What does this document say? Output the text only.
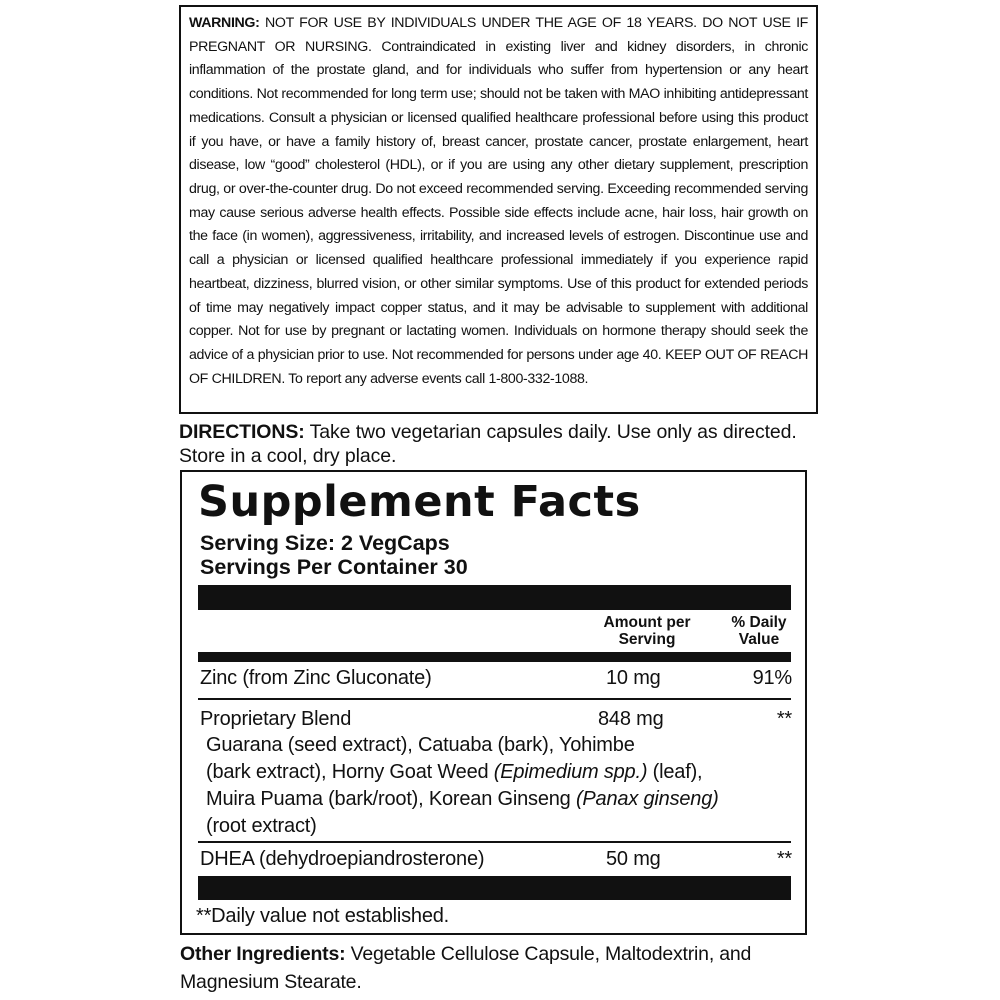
WARNING: NOT FOR USE BY INDIVIDUALS UNDER THE AGE OF 18 YEARS. DO NOT USE IF PREGNANT OR NURSING. Contraindicated in existing liver and kidney disorders, in chronic inflammation of the prostate gland, and for individuals who suffer from hypertension or any heart conditions. Not recommended for long term use; should not be taken with MAO inhibiting antidepressant medications. Consult a physician or licensed qualified healthcare professional before using this product if you have, or have a family history of, breast cancer, prostate cancer, prostate enlargement, heart disease, low “good” cholesterol (HDL), or if you are using any other dietary supplement, prescription drug, or over-the-counter drug. Do not exceed recommended serving. Exceeding recommended serving may cause serious adverse health effects. Possible side effects include acne, hair loss, hair growth on the face (in women), aggressiveness, irritability, and increased levels of estrogen. Discontinue use and call a physician or licensed qualified healthcare professional immediately if you experience rapid heartbeat, dizziness, blurred vision, or other similar symptoms. Use of this product for extended periods of time may negatively impact copper status, and it may be advisable to supplement with additional copper. Not for use by pregnant or lactating women. Individuals on hormone therapy should seek the advice of a physician prior to use. Not recommended for persons under age 40. KEEP OUT OF REACH OF CHILDREN. To report any adverse events call 1-800-332-1088.
DIRECTIONS: Take two vegetarian capsules daily. Use only as directed. Store in a cool, dry place.
Supplement Facts
Serving Size: 2 VegCaps
Servings Per Container 30
Amount per
Serving
% Daily
Value
Zinc (from Zinc Gluconate)	10 mg	91%
Proprietary Blend	848 mg	**
Guarana (seed extract), Catuaba (bark), Yohimbe
(bark extract), Horny Goat Weed (Epimedium spp.) (leaf),
Muira Puama (bark/root), Korean Ginseng (Panax ginseng)
(root extract)
DHEA (dehydroepiandrosterone)	50 mg	**
**Daily value not established.
Other Ingredients: Vegetable Cellulose Capsule, Maltodextrin, and Magnesium Stearate.
